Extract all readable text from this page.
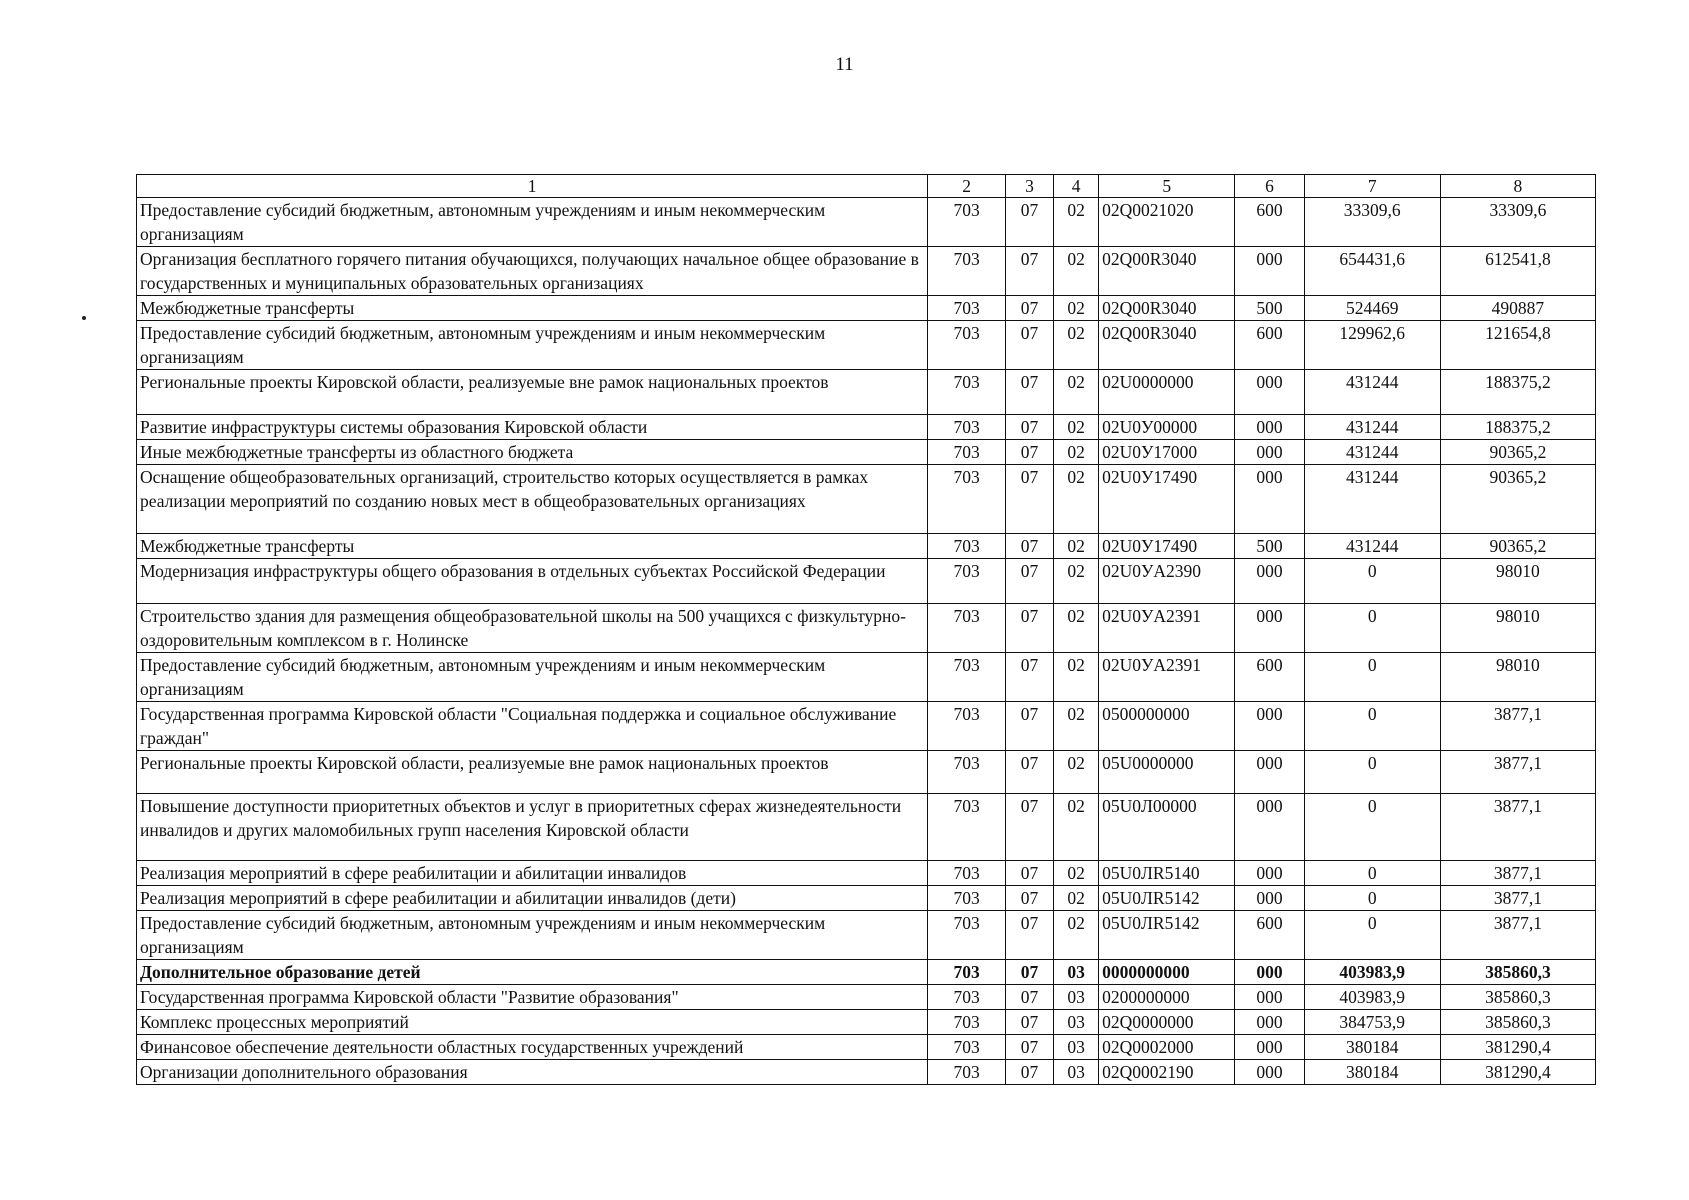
11
1	2	3	4	5	6	7	8
Предоставление субсидий бюджетным, автономным учреждениям и иным некоммерческим организациям	703	07	02	02Q0021020	600	33309,6	33309,6
Организация бесплатного горячего питания обучающихся, получающих начальное общее образование в государственных и муниципальных образовательных организациях	703	07	02	02Q00R3040	000	654431,6	612541,8
Межбюджетные трансферты	703	07	02	02Q00R3040	500	524469	490887
Предоставление субсидий бюджетным, автономным учреждениям и иным некоммерческим организациям	703	07	02	02Q00R3040	600	129962,6	121654,8
Региональные проекты Кировской области, реализуемые вне рамок национальных проектов	703	07	02	02U0000000	000	431244	188375,2
Развитие инфраструктуры системы образования Кировской области	703	07	02	02U0У00000	000	431244	188375,2
Иные межбюджетные трансферты из областного бюджета	703	07	02	02U0У17000	000	431244	90365,2
Оснащение общеобразовательных организаций, строительство которых осуществляется в рамках реализации мероприятий по созданию новых мест в общеобразовательных организациях	703	07	02	02U0У17490	000	431244	90365,2
Межбюджетные трансферты	703	07	02	02U0У17490	500	431244	90365,2
Модернизация инфраструктуры общего образования в отдельных субъектах Российской Федерации	703	07	02	02U0УA2390	000	0	98010
Строительство здания для размещения общеобразовательной школы на 500 учащихся с физкультурно-оздоровительным комплексом в г. Нолинске	703	07	02	02U0УA2391	000	0	98010
Предоставление субсидий бюджетным, автономным учреждениям и иным некоммерческим организациям	703	07	02	02U0УA2391	600	0	98010
Государственная программа Кировской области "Социальная поддержка и социальное обслуживание граждан"	703	07	02	0500000000	000	0	3877,1
Региональные проекты Кировской области, реализуемые вне рамок национальных проектов	703	07	02	05U0000000	000	0	3877,1
Повышение доступности приоритетных объектов и услуг в приоритетных сферах жизнедеятельности инвалидов и других маломобильных групп населения Кировской области	703	07	02	05U0Л00000	000	0	3877,1
Реализация мероприятий в сфере реабилитации и абилитации инвалидов	703	07	02	05U0ЛR5140	000	0	3877,1
Реализация мероприятий в сфере реабилитации и абилитации инвалидов (дети)	703	07	02	05U0ЛR5142	000	0	3877,1
Предоставление субсидий бюджетным, автономным учреждениям и иным некоммерческим организациям	703	07	02	05U0ЛR5142	600	0	3877,1
Дополнительное образование детей	703	07	03	0000000000	000	403983,9	385860,3
Государственная программа Кировской области "Развитие образования"	703	07	03	0200000000	000	403983,9	385860,3
Комплекс процессных мероприятий	703	07	03	02Q0000000	000	384753,9	385860,3
Финансовое обеспечение деятельности областных государственных учреждений	703	07	03	02Q0002000	000	380184	381290,4
Организации дополнительного образования	703	07	03	02Q0002190	000	380184	381290,4
